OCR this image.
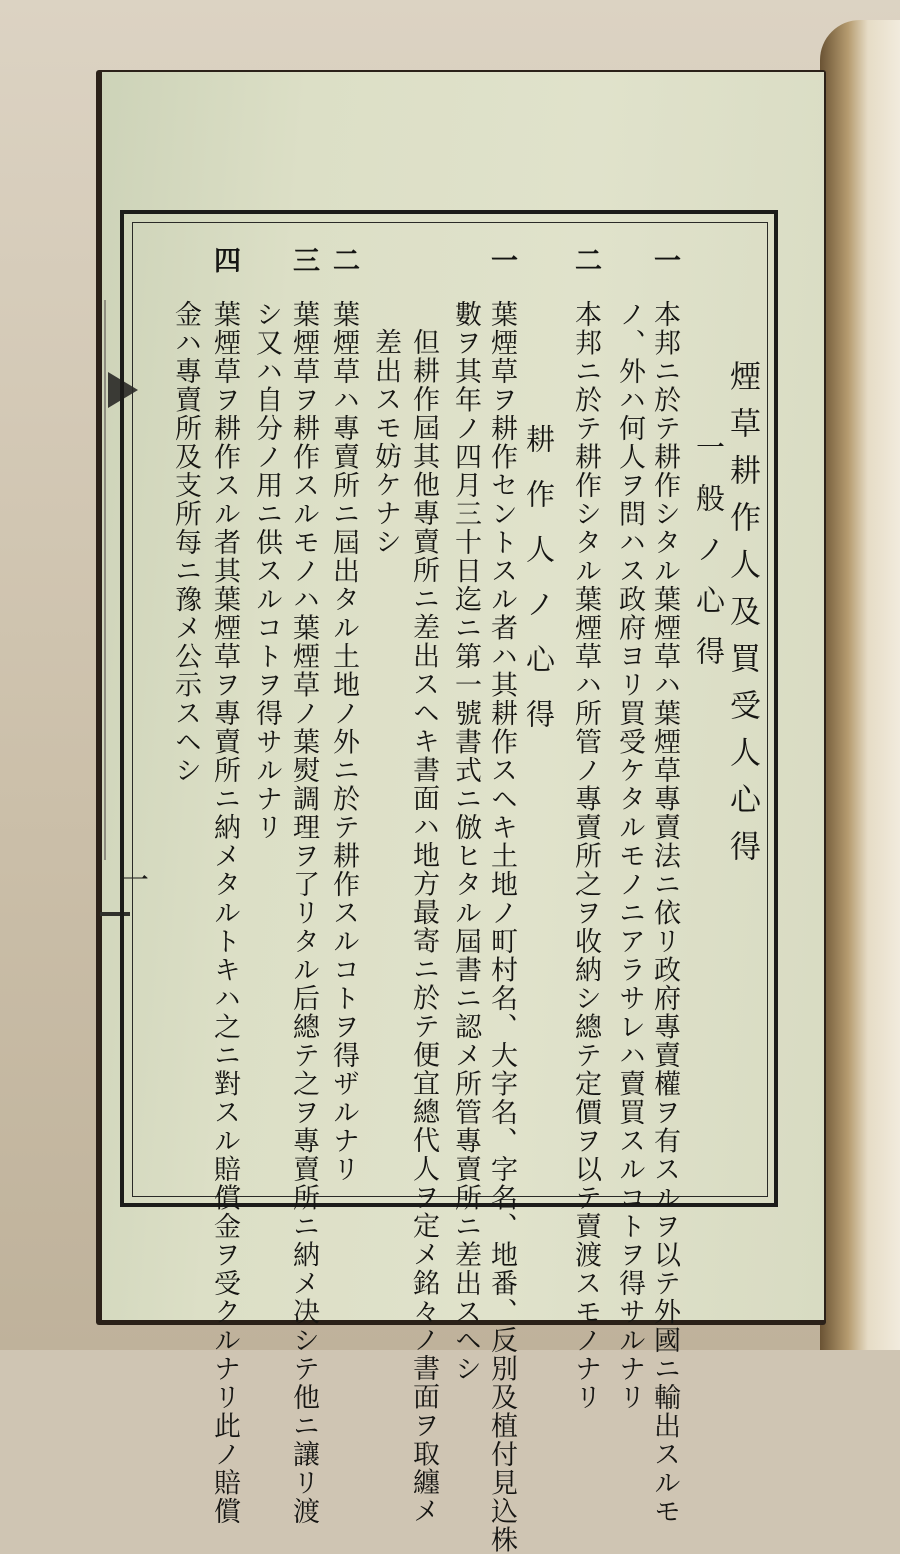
一
煙草耕作人及買受人心得
一般ノ心得
耕作人ノ心得
一
本邦ニ於テ耕作シタル葉煙草ハ葉煙草專賣法ニ依リ政府專賣權ヲ有スルヲ以テ外國ニ輸出スルモ
ノ、外ハ何人ヲ問ハス政府ヨリ買受ケタルモノニアラサレハ賣買スルコトヲ得サルナリ
二
本邦ニ於テ耕作シタル葉煙草ハ所管ノ專賣所之ヲ收納シ總テ定價ヲ以テ賣渡スモノナリ
一
葉煙草ヲ耕作セントスル者ハ其耕作スヘキ土地ノ町村名、大字名、字名、地番、反別及植付見込株
數ヲ其年ノ四月三十日迄ニ第一號書式ニ倣ヒタル屆書ニ認メ所管專賣所ニ差出スヘシ
但耕作屆其他專賣所ニ差出スヘキ書面ハ地方最寄ニ於テ便宜總代人ヲ定メ銘々ノ書面ヲ取纏メ
差出スモ妨ケナシ
二
葉煙草ハ專賣所ニ屆出タル土地ノ外ニ於テ耕作スルコトヲ得ザルナリ
三
葉煙草ヲ耕作スルモノハ葉煙草ノ葉熨調理ヲ了リタル后總テ之ヲ專賣所ニ納メ决シテ他ニ讓リ渡
シ又ハ自分ノ用ニ供スルコトヲ得サルナリ
四
葉煙草ヲ耕作スル者其葉煙草ヲ專賣所ニ納メタルトキハ之ニ對スル賠償金ヲ受クルナリ此ノ賠償
金ハ專賣所及支所每ニ豫メ公示スヘシ
